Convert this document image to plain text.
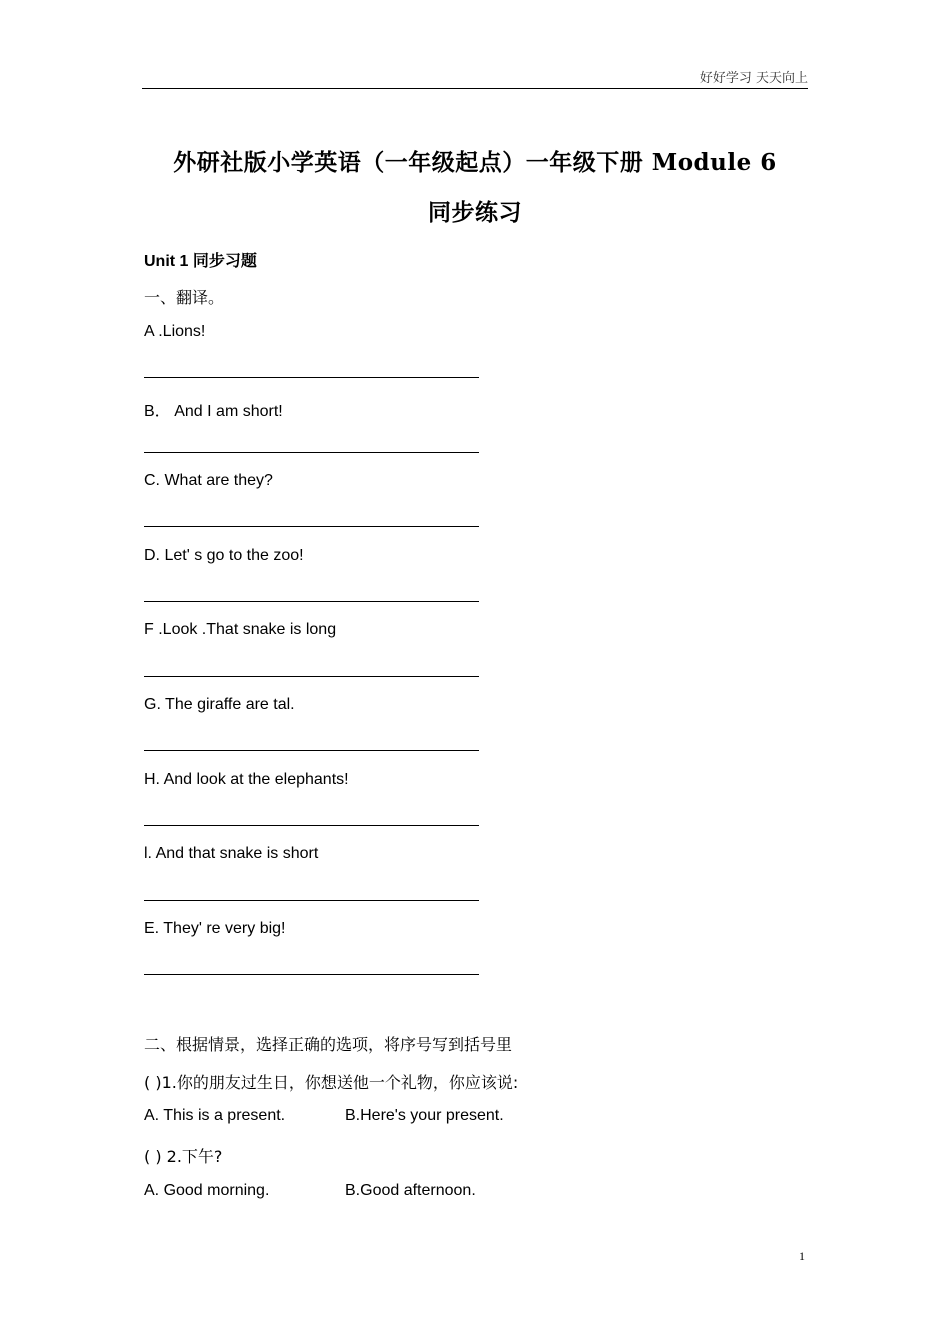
好好学习 天天向上
外研社版小学英语（一年级起点）一年级下册 Module 6
同步练习
Unit 1 同步习题
一、翻译。
A .Lions!
B． And I am short!
C. What are they?
D. Let' s go to the zoo!
F .Look .That snake is long
G. The giraffe are tal.
H. And look at the elephants!
l. And that snake is short
E. They' re very big!
二、根据情景，选择正确的选项，将序号写到括号里
( )1.你的朋友过生日，你想送他一个礼物，你应该说:
A. This is a present.	B.Here's your present.
( ) 2.下午?
A. Good morning.	B.Good afternoon.
1
